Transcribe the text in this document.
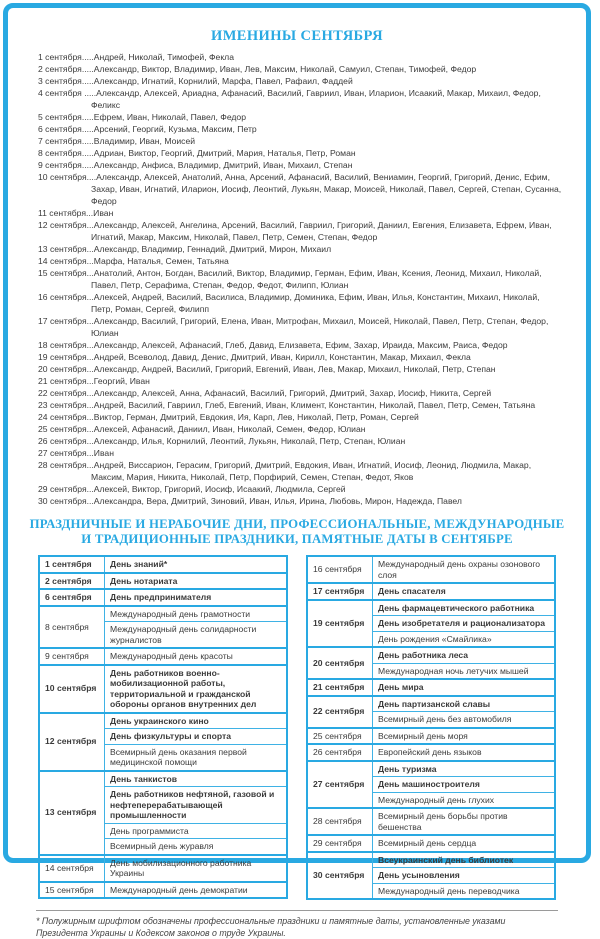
ИМЕНИНЫ СЕНТЯБРЯ
1 сентября.....Андрей, Николай, Тимофей, Фекла
2 сентября.....Александр, Виктор, Владимир, Иван, Лев, Максим, Николай, Самуил, Степан, Тимофей, Федор
3 сентября.....Александр, Игнатий, Корнилий, Марфа, Павел, Рафаил, Фаддей
4 сентября .....Александр, Алексей, Ариадна, Афанасий, Василий, Гавриил, Иван, Иларион, Исаакий, Макар, Михаил, Федор, Феликс
5 сентября.....Ефрем, Иван, Николай, Павел, Федор
6 сентября.....Арсений, Георгий, Кузьма, Максим, Петр
7 сентября.....Владимир, Иван, Моисей
8 сентября.....Адриан, Виктор, Георгий, Дмитрий, Мария, Наталья, Петр, Роман
9 сентября.....Александр, Анфиса, Владимир, Дмитрий, Иван, Михаил, Степан
10 сентября....Александр, Алексей, Анатолий, Анна, Арсений, Афанасий, Василий, Вениамин, Георгий, Григорий, Денис, Ефим, Захар, Иван, Игнатий, Иларион, Иосиф, Леонтий, Лукьян, Макар, Моисей, Николай, Павел, Сергей, Степан, Сусанна, Федор
11 сентября...Иван
12 сентября...Александр, Алексей, Ангелина, Арсений, Василий, Гавриил, Григорий, Даниил, Евгения, Елизавета, Ефрем, Иван, Игнатий, Макар, Максим, Николай, Павел, Петр, Семен, Степан, Федор
13 сентября...Александр, Владимир, Геннадий, Дмитрий, Мирон, Михаил
14 сентября...Марфа, Наталья, Семен, Татьяна
15 сентября...Анатолий, Антон, Богдан, Василий, Виктор, Владимир, Герман, Ефим, Иван, Ксения, Леонид, Михаил, Николай, Павел, Петр, Серафима, Степан, Федор, Федот, Филипп, Юлиан
16 сентября...Алексей, Андрей, Василий, Василиса, Владимир, Доминика, Ефим, Иван, Илья, Константин, Михаил, Николай, Петр, Роман, Сергей, Филипп
17 сентября...Александр, Василий, Григорий, Елена, Иван, Митрофан, Михаил, Моисей, Николай, Павел, Петр, Степан, Федор, Юлиан
18 сентября...Александр, Алексей, Афанасий, Глеб, Давид, Елизавета, Ефим, Захар, Ираида, Максим, Раиса, Федор
19 сентября...Андрей, Всеволод, Давид, Денис, Дмитрий, Иван, Кирилл, Константин, Макар, Михаил, Фекла
20 сентября...Александр, Андрей, Василий, Григорий, Евгений, Иван, Лев, Макар, Михаил, Николай, Петр, Степан
21 сентября...Георгий, Иван
22 сентября...Александр, Алексей, Анна, Афанасий, Василий, Григорий, Дмитрий, Захар, Иосиф, Никита, Сергей
23 сентября...Андрей, Василий, Гавриил, Глеб, Евгений, Иван, Климент, Константин, Николай, Павел, Петр, Семен, Татьяна
24 сентября...Виктор, Герман, Дмитрий, Евдокия, Ия, Карп, Лев, Николай, Петр, Роман, Сергей
25 сентября...Алексей, Афанасий, Даниил, Иван, Николай, Семен, Федор, Юлиан
26 сентября...Александр, Илья, Корнилий, Леонтий, Лукьян, Николай, Петр, Степан, Юлиан
27 сентября...Иван
28 сентября...Андрей, Виссарион, Герасим, Григорий, Дмитрий, Евдокия, Иван, Игнатий, Иосиф, Леонид, Людмила, Макар, Максим, Мария, Никита, Николай, Петр, Порфирий, Семен, Степан, Федот, Яков
29 сентября...Алексей, Виктор, Григорий, Иосиф, Исаакий, Людмила, Сергей
30 сентября...Александра, Вера, Дмитрий, Зиновий, Иван, Илья, Ирина, Любовь, Мирон, Надежда, Павел
ПРАЗДНИЧНЫЕ И НЕРАБОЧИЕ ДНИ, ПРОФЕССИОНАЛЬНЫЕ, МЕЖДУНАРОДНЫЕ
И ТРАДИЦИОННЫЕ ПРАЗДНИКИ, ПАМЯТНЫЕ ДАТЫ В СЕНТЯБРЕ
1 сентября	День знаний*
2 сентября	День нотариата
6 сентября	День предпринимателя
8 сентября	Международный день грамотности
	Международный день солидарности журналистов
9 сентября	Международный день красоты
10 сентября	День работников военно-мобилизационной работы, территориальной и гражданской обороны органов внутренних дел
12 сентября	День украинского кино
	День физкультуры и спорта
	Всемирный день оказания первой медицинской помощи
13 сентября	День танкистов
	День работников нефтяной, газовой и нефтеперерабатывающей промышленности
	День программиста
	Всемирный день журавля
14 сентября	День мобилизационного работника Украины
15 сентября	Международный день демократии
16 сентября	Международный день охраны озонового слоя
17 сентября	День спасателя
19 сентября	День фармацевтического работника
	День изобретателя и рационализатора
	День рождения «Смайлика»
20 сентября	День работника леса
	Международная ночь летучих мышей
21 сентября	День мира
22 сентября	День партизанской славы
	Всемирный день без автомобиля
25 сентября	Всемирный день моря
26 сентября	Европейский день языков
27 сентября	День туризма
	День машиностроителя
	Международный день глухих
28 сентября	Всемирный день борьбы против бешенства
29 сентября	Всемирный день сердца
30 сентября	Всеукраинский день библиотек
	День усыновления
	Международный день переводчика

* Полужирным шрифтом обозначены профессиональные праздники и памятные даты, установленные указами Президента Украины и Кодексом законов о труде Украины.
